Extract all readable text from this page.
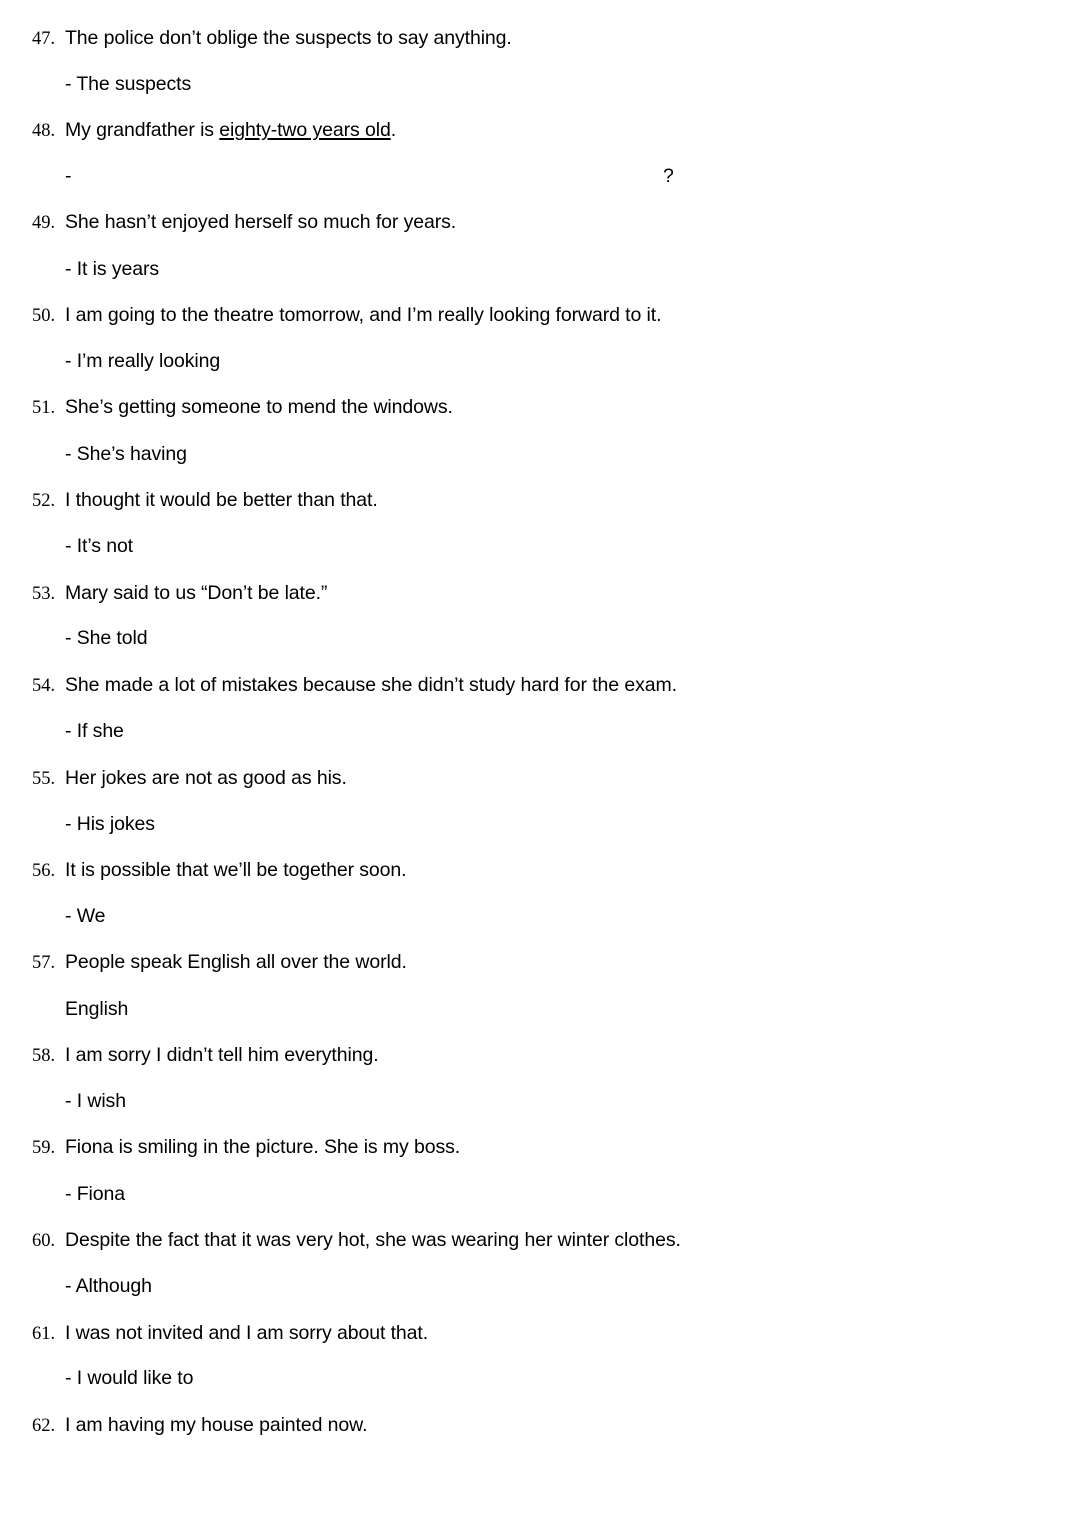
47. The police don’t oblige the suspects to say anything.
- The suspects
48. My grandfather is eighty-two years old.
-	?
49. She hasn’t enjoyed herself so much for years.
- It is years
50. I am going to the theatre tomorrow, and I’m really looking forward to it.
- I’m really looking
51. She’s getting someone to mend the windows.
- She’s having
52. I thought it would be better than that.
- It’s not
53. Mary said to us “Don’t be late.”
- She told
54. She made a lot of mistakes because she didn’t study hard for the exam.
- If she
55. Her jokes are not as good as his.
- His jokes
56. It is possible that we’ll be together soon.
- We
57. People speak English all over the world.
English
58. I am sorry I didn’t tell him everything.
- I wish
59. Fiona is smiling in the picture. She is my boss.
- Fiona
60. Despite the fact that it was very hot, she was wearing her winter clothes.
- Although
61. I was not invited and I am sorry about that.
- I would like to
62. I am having my house painted now.
